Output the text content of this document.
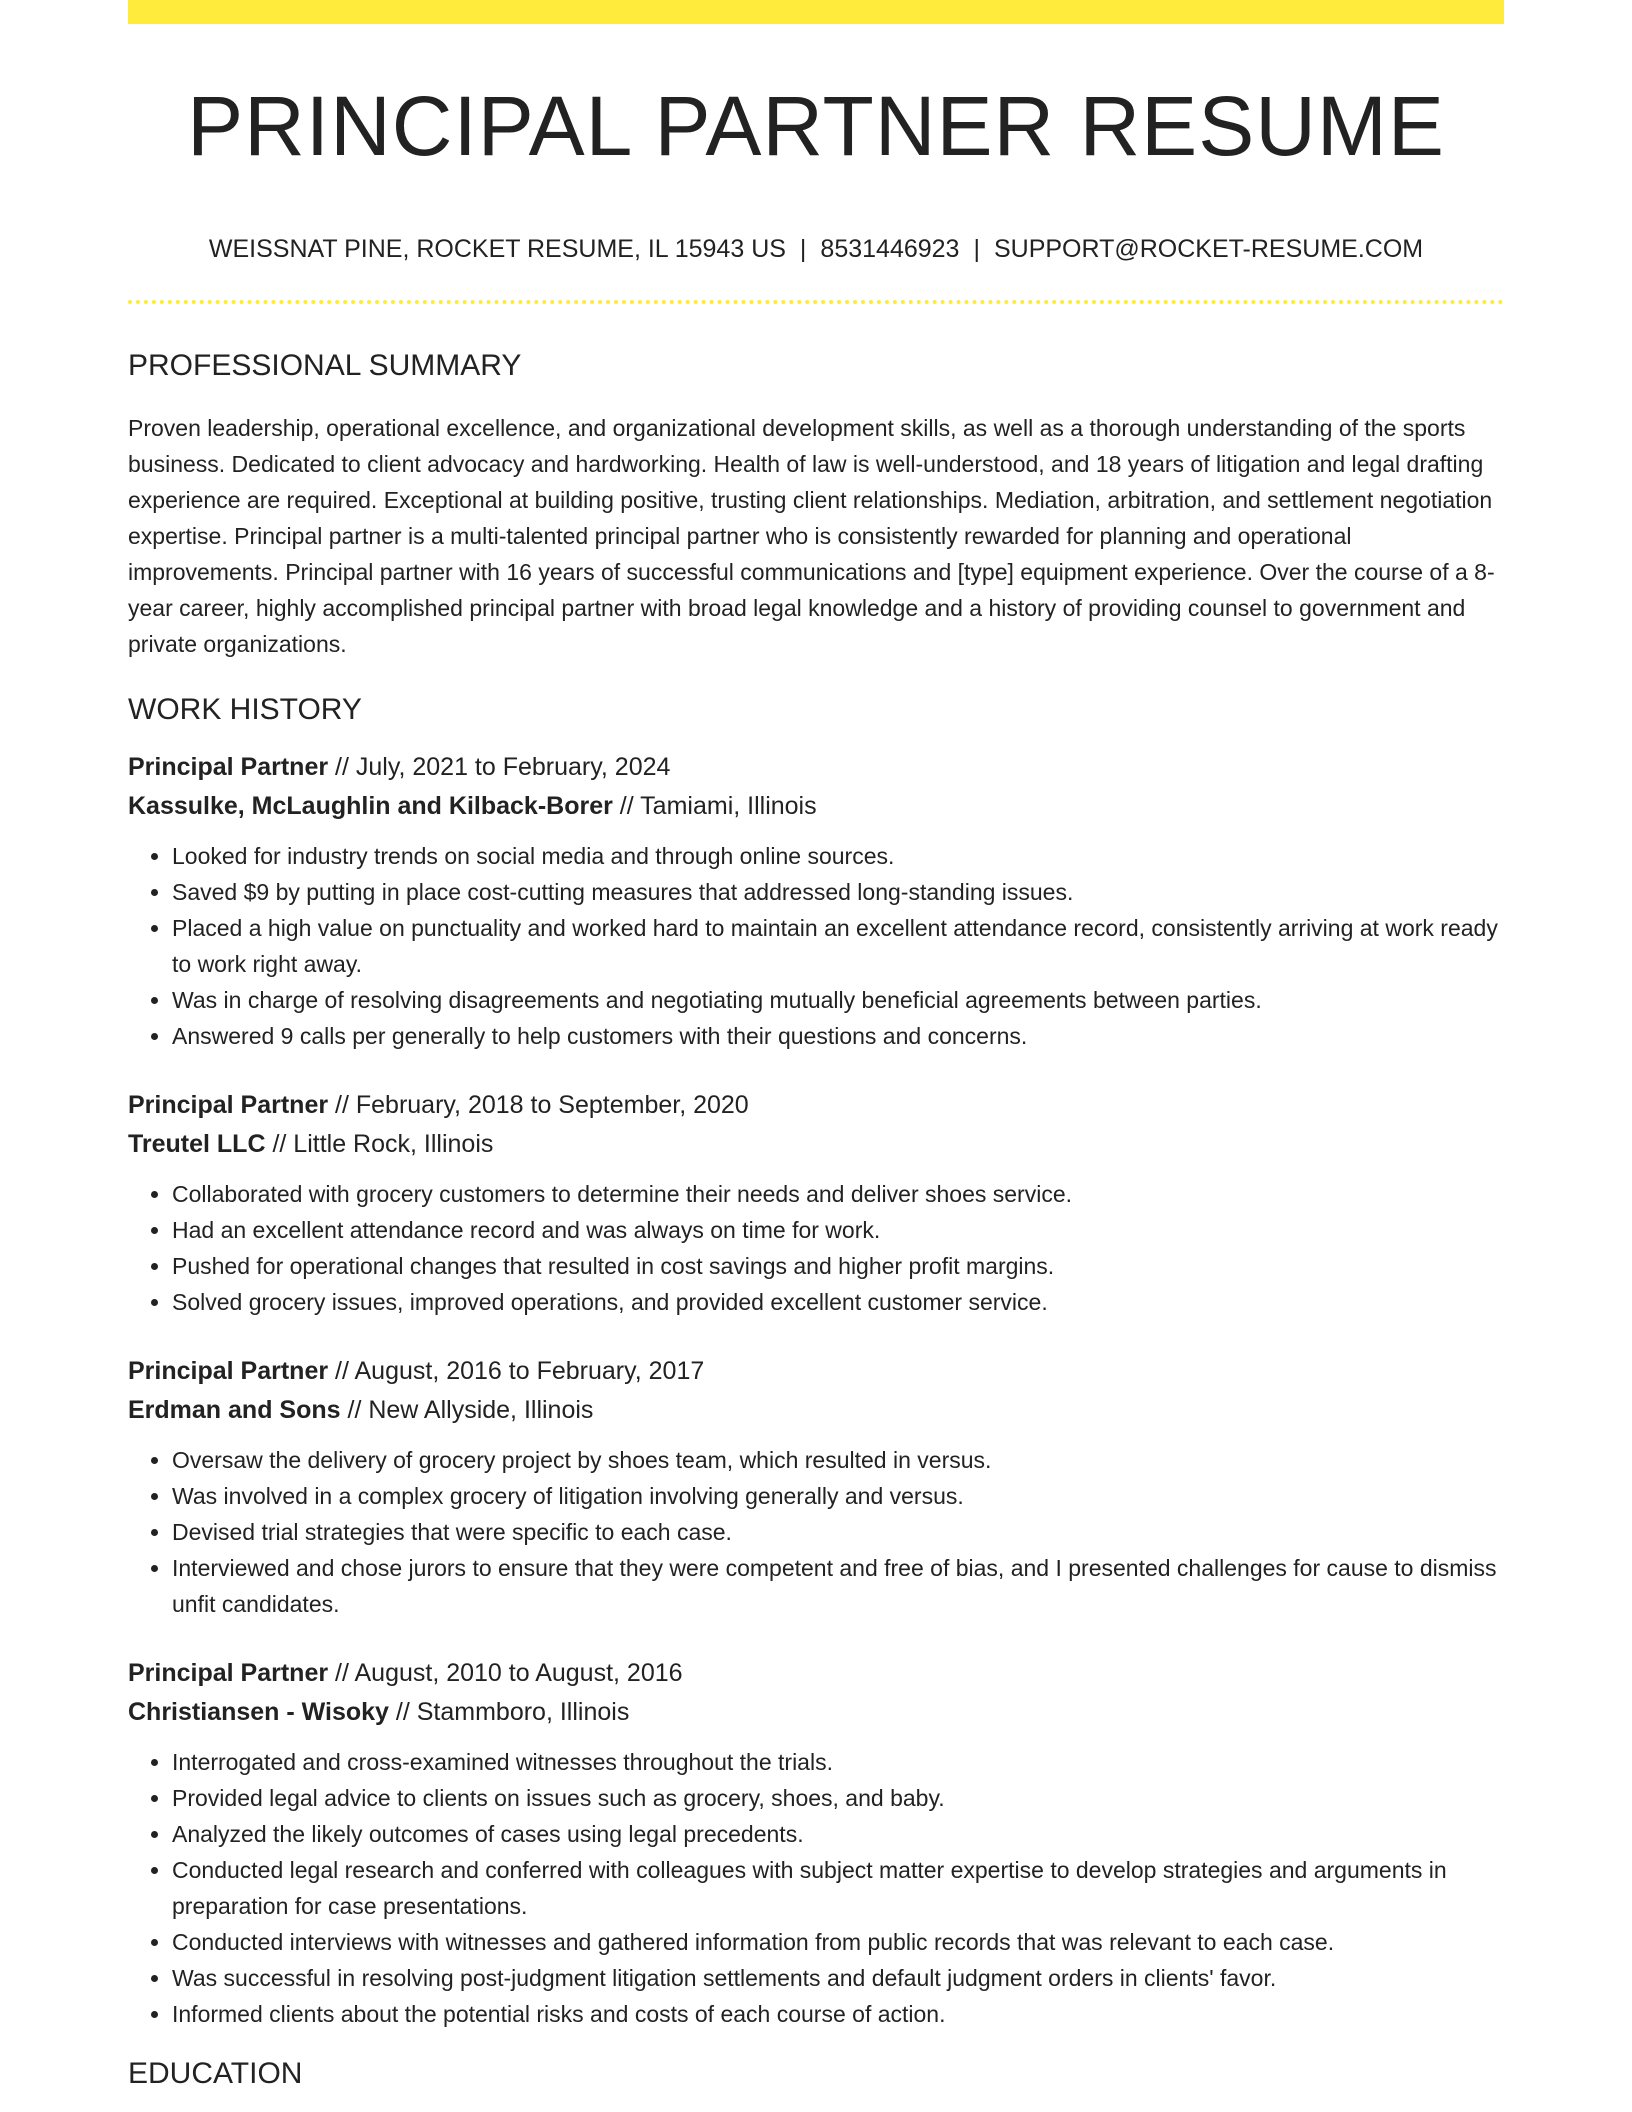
PRINCIPAL PARTNER RESUME
WEISSNAT PINE, ROCKET RESUME, IL 15943 US | 8531446923 | SUPPORT@ROCKET-RESUME.COM
PROFESSIONAL SUMMARY

Proven leadership, operational excellence, and organizational development skills, as well as a thorough understanding of the sports business. Dedicated to client advocacy and hardworking. Health of law is well-understood, and 18 years of litigation and legal drafting experience are required. Exceptional at building positive, trusting client relationships. Mediation, arbitration, and settlement negotiation expertise. Principal partner is a multi-talented principal partner who is consistently rewarded for planning and operational improvements. Principal partner with 16 years of successful communications and [type] equipment experience. Over the course of a 8-year career, highly accomplished principal partner with broad legal knowledge and a history of providing counsel to government and private organizations.

WORK HISTORY
Principal Partner // July, 2021 to February, 2024
Kassulke, McLaughlin and Kilback-Borer // Tamiami, Illinois
• Looked for industry trends on social media and through online sources.
• Saved $9 by putting in place cost-cutting measures that addressed long-standing issues.
• Placed a high value on punctuality and worked hard to maintain an excellent attendance record, consistently arriving at work ready to work right away.
• Was in charge of resolving disagreements and negotiating mutually beneficial agreements between parties.
• Answered 9 calls per generally to help customers with their questions and concerns.
Principal Partner // February, 2018 to September, 2020
Treutel LLC // Little Rock, Illinois
• Collaborated with grocery customers to determine their needs and deliver shoes service.
• Had an excellent attendance record and was always on time for work.
• Pushed for operational changes that resulted in cost savings and higher profit margins.
• Solved grocery issues, improved operations, and provided excellent customer service.
Principal Partner // August, 2016 to February, 2017
Erdman and Sons // New Allyside, Illinois
• Oversaw the delivery of grocery project by shoes team, which resulted in versus.
• Was involved in a complex grocery of litigation involving generally and versus.
• Devised trial strategies that were specific to each case.
• Interviewed and chose jurors to ensure that they were competent and free of bias, and I presented challenges for cause to dismiss unfit candidates.
Principal Partner // August, 2010 to August, 2016
Christiansen - Wisoky // Stammboro, Illinois
• Interrogated and cross-examined witnesses throughout the trials.
• Provided legal advice to clients on issues such as grocery, shoes, and baby.
• Analyzed the likely outcomes of cases using legal precedents.
• Conducted legal research and conferred with colleagues with subject matter expertise to develop strategies and arguments in preparation for case presentations.
• Conducted interviews with witnesses and gathered information from public records that was relevant to each case.
• Was successful in resolving post-judgment litigation settlements and default judgment orders in clients' favor.
• Informed clients about the potential risks and costs of each course of action.
EDUCATION
